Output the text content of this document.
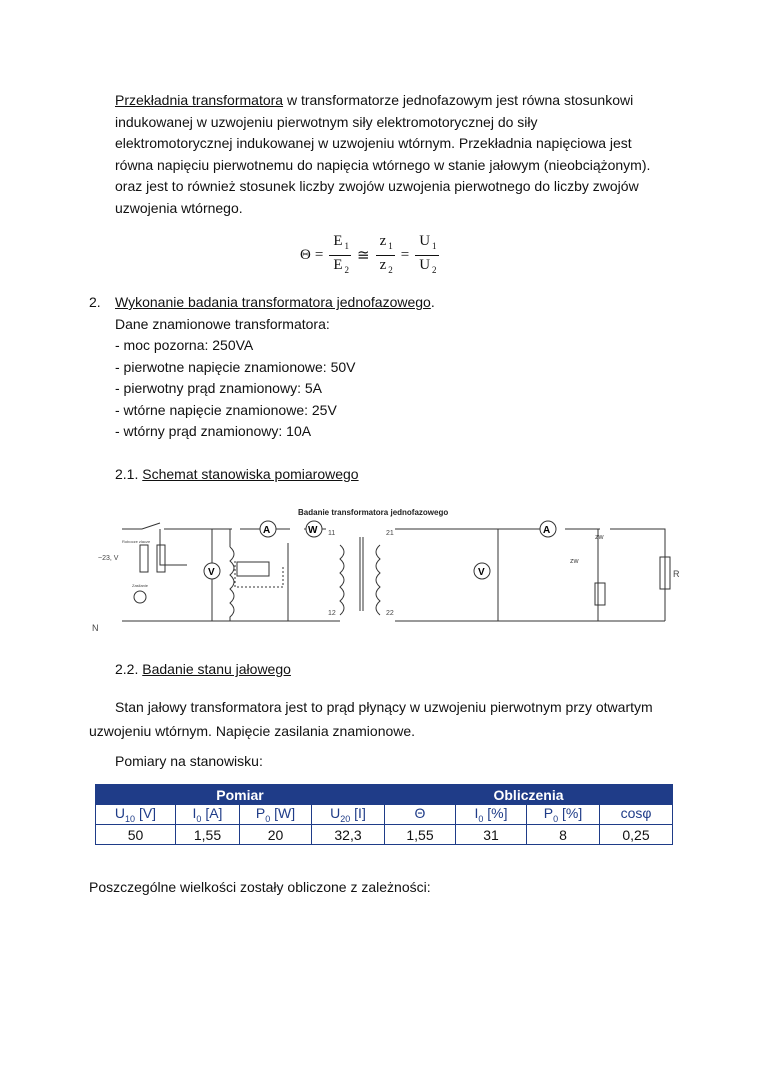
Przekładnia transformatora w transformatorze jednofazowym jest równa stosunkowi
indukowanej w uzwojeniu pierwotnym siły elektromotorycznej do siły
elektromotorycznej indukowanej w uzwojeniu wtórnym. Przekładnia napięciowa jest
równa napięciu pierwotnemu do napięcia wtórnego w stanie jałowym (nieobciążonym).
oraz jest to również stosunek liczby zwojów uzwojenia pierwotnego do liczby zwojów
uzwojenia wtórnego.
$\Theta = \frac{E _1}{E _2}$ ≅ $\frac{z _1}{z _2} = \frac{U _1}{U _2}$
2. Wykonanie badania transformatora jednofazowego.
Dane znamionowe transformatora:
- moc pozorna: 250VA
- pierwotne napięcie znamionowe: 50V
- pierwotny prąd znamionowy: 5A
- wtórne napięcie znamionowe: 25V
- wtórny prąd znamionowy: 10A
2.1. Schemat stanowiska pomiarowego
Badanie transformatora jednofazowego
A	W
V
A
V
11
12
21
22
zw
zw
R
N
~23, V
Robocze zlacze
Zasilanie
2.2. Badanie stanu jałowego
Stan jałowy transformatora jest to prąd płynący w uzwojeniu pierwotnym przy otwartym
uzwojeniu wtórnym. Napięcie zasilania znamionowe.
Pomiary na stanowisku:
Pomiar				Obliczenia			
$U_{10}$ [V]	$I_0$ [A]	$P_0$ [W]	$U_{20}$ [I]	Θ	$I_0$ [%]	$P_0$ [%]	cosφ
50	1,55	20	32,3	1,55	31	8	0,25
Poszczególne wielkości zostały obliczone z zależności:
